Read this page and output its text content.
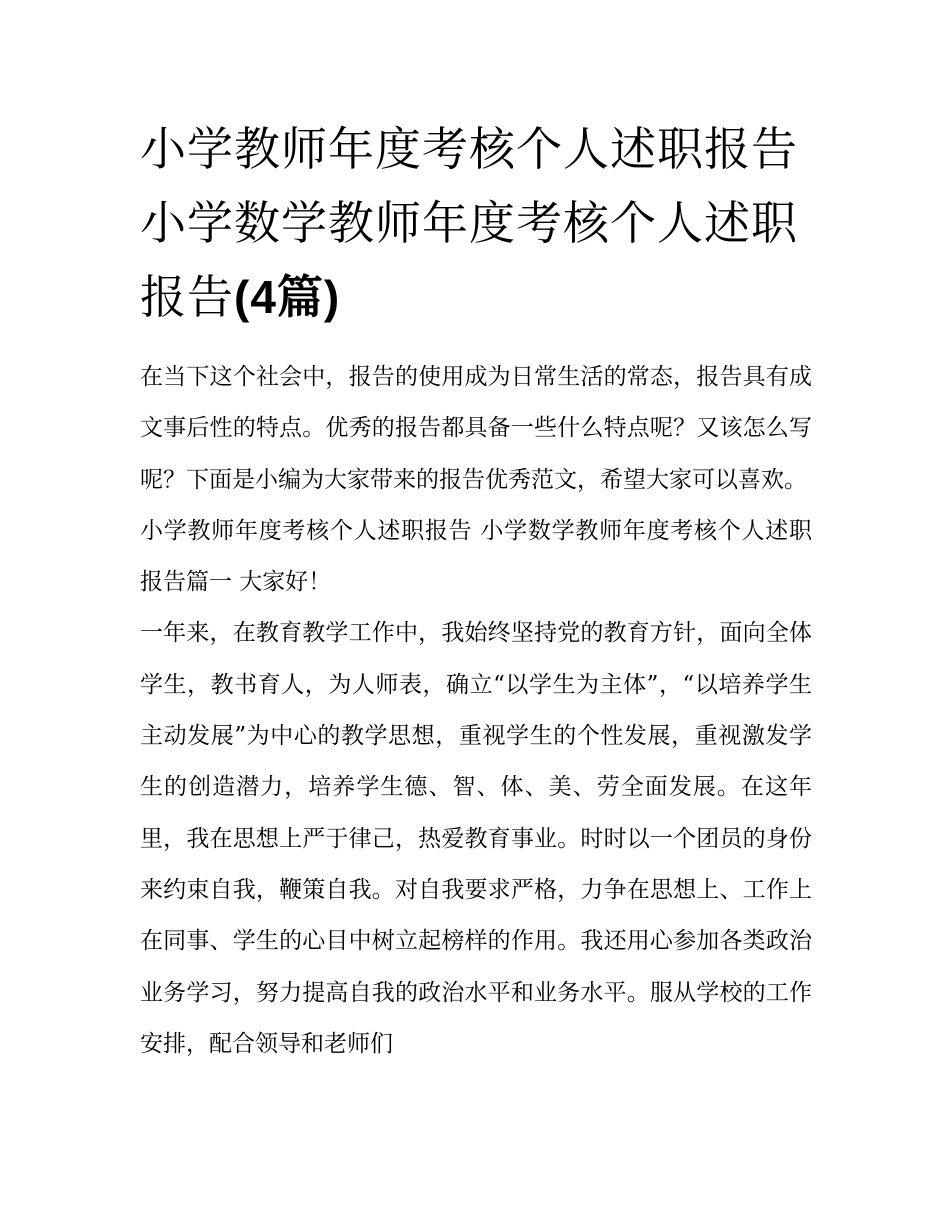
小学教师年度考核个人述职报告 小学数学教师年度考核个人述职报告(4篇)

在当下这个社会中，报告的使用成为日常生活的常态，报告具有成文事后性的特点。优秀的报告都具备一些什么特点呢？又该怎么写呢？下面是小编为大家带来的报告优秀范文，希望大家可以喜欢。

小学教师年度考核个人述职报告 小学数学教师年度考核个人述职报告篇一 大家好！

一年来，在教育教学工作中，我始终坚持党的教育方针，面向全体学生，教书育人，为人师表，确立“以学生为主体”，“以培养学生主动发展”为中心的教学思想，重视学生的个性发展，重视激发学生的创造潜力，培养学生德、智、体、美、劳全面发展。在这年里，我在思想上严于律己，热爱教育事业。时时以一个团员的身份来约束自我，鞭策自我。对自我要求严格，力争在思想上、工作上在同事、学生的心目中树立起榜样的作用。我还用心参加各类政治业务学习，努力提高自我的政治水平和业务水平。服从学校的工作安排，配合领导和老师们
